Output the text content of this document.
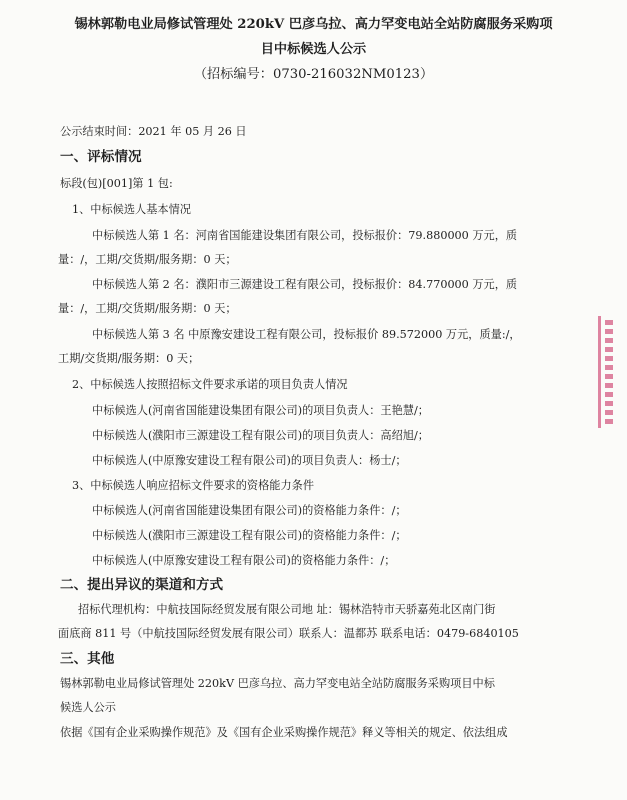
锡林郭勒电业局修试管理处 220kV 巴彦乌拉、高力罕变电站全站防腐服务采购项
目中标候选人公示
（招标编号：0730-216032NM0123）
公示结束时间：2021 年 05 月 26 日
一、评标情况
标段(包)[001]第 1 包:
1、中标候选人基本情况
中标候选人第 1 名：河南省国能建设集团有限公司，投标报价：79.880000 万元，质
量：/，工期/交货期/服务期：0 天；
中标候选人第 2 名：濮阳市三源建设工程有限公司，投标报价：84.770000 万元，质
量：/，工期/交货期/服务期：0 天；
中标候选人第 3 名 中原豫安建设工程有限公司，投标报价 89.572000 万元，质量:/，
工期/交货期/服务期：0 天；
2、中标候选人按照招标文件要求承诺的项目负责人情况
中标候选人(河南省国能建设集团有限公司)的项目负责人：王艳慧/；
中标候选人(濮阳市三源建设工程有限公司)的项目负责人：高绍旭/；
中标候选人(中原豫安建设工程有限公司)的项目负责人：杨士/；
3、中标候选人响应招标文件要求的资格能力条件
中标候选人(河南省国能建设集团有限公司)的资格能力条件：/；
中标候选人(濮阳市三源建设工程有限公司)的资格能力条件：/；
中标候选人(中原豫安建设工程有限公司)的资格能力条件：/；
二、提出异议的渠道和方式
招标代理机构：中航技国际经贸发展有限公司地 址：锡林浩特市天骄嘉苑北区南门街
面底商 811 号（中航技国际经贸发展有限公司）联系人：温都苏 联系电话：0479-6840105
三、其他
锡林郭勒电业局修试管理处 220kV 巴彦乌拉、高力罕变电站全站防腐服务采购项目中标
候选人公示
依据《国有企业采购操作规范》及《国有企业采购操作规范》释义等相关的规定、依法组成
